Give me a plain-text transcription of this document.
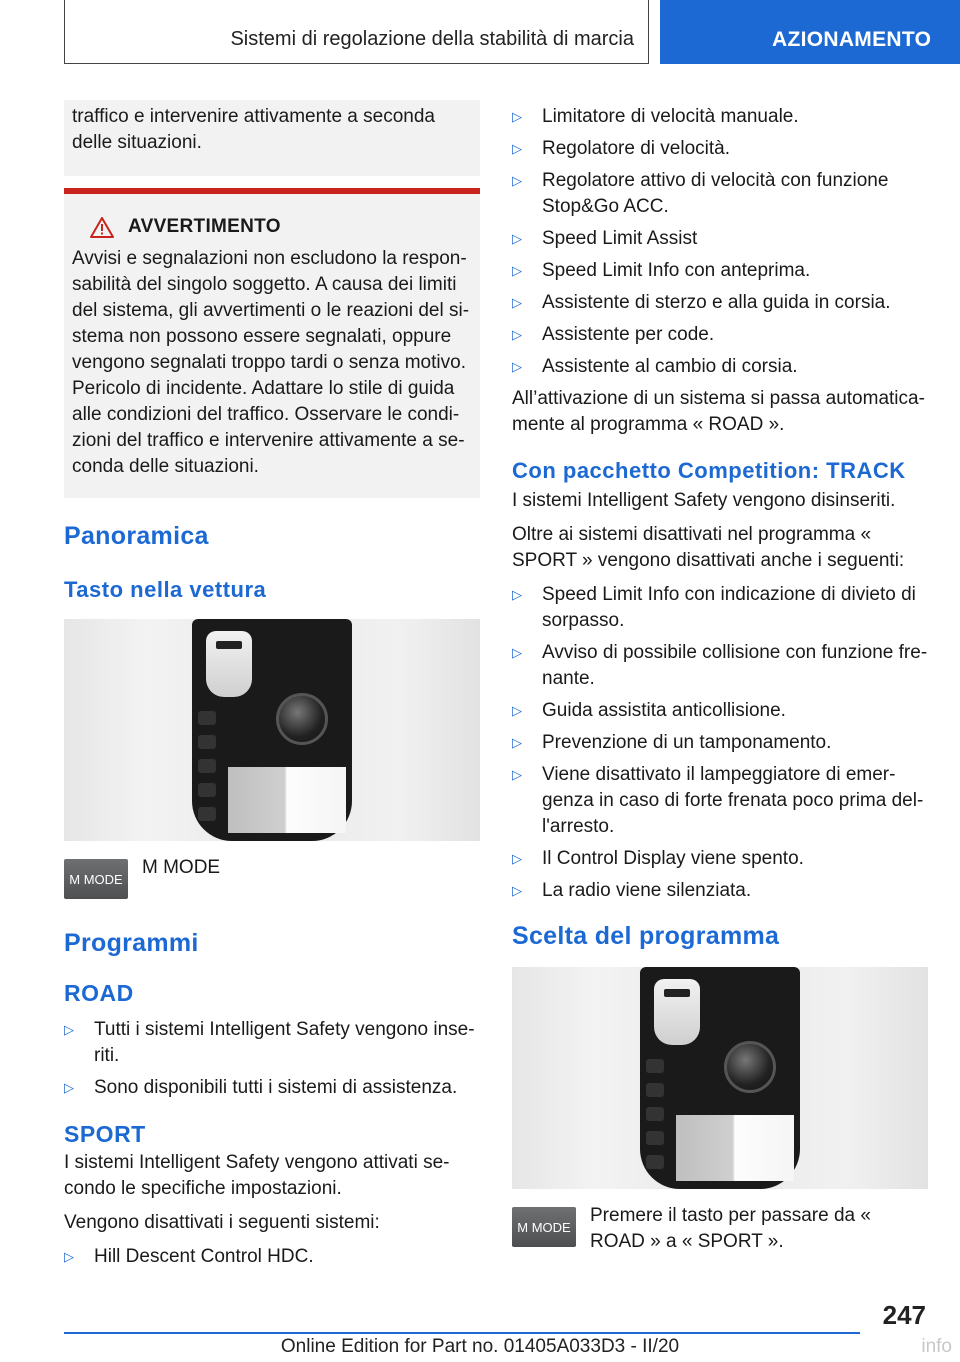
Sistemi di regolazione della stabilità di marcia	AZIONAMENTO

traffico e intervenire attivamente a seconda delle situazioni.

AVVERTIMENTO

Avvisi e segnalazioni non escludono la responsabilità del singolo soggetto. A causa dei limiti del sistema, gli avvertimenti o le reazioni del sistema non possono essere segnalati, oppure vengono segnalati troppo tardi o senza motivo. Pericolo di incidente. Adattare lo stile di guida alle condizioni del traffico. Osservare le condizioni del traffico e intervenire attivamente a seconda delle situazioni.

Panoramica
Tasto nella vettura
M MODE

M MODE

Programmi
ROAD
▷	Tutti i sistemi Intelligent Safety vengono inseriti.
▷	Sono disponibili tutti i sistemi di assistenza.
SPORT

I sistemi Intelligent Safety vengono attivati secondo le specifiche impostazioni.

Vengono disattivati i seguenti sistemi:

▷	Hill Descent Control HDC.
▷	Limitatore di velocità manuale.
▷	Regolatore di velocità.
▷	Regolatore attivo di velocità con funzione Stop&Go ACC.
▷	Speed Limit Assist
▷	Speed Limit Info con anteprima.
▷	Assistente di sterzo e alla guida in corsia.
▷	Assistente per code.
▷	Assistente al cambio di corsia.

All’attivazione di un sistema si passa automaticamente al programma « ROAD ».

Con pacchetto Competition: TRACK

I sistemi Intelligent Safety vengono disinseriti.

Oltre ai sistemi disattivati nel programma « SPORT » vengono disattivati anche i seguenti:

▷	Speed Limit Info con indicazione di divieto di sorpasso.
▷	Avviso di possibile collisione con funzione frenante.
▷	Guida assistita anticollisione.
▷	Prevenzione di un tamponamento.
▷	Viene disattivato il lampeggiatore di emergenza in caso di forte frenata poco prima dell'arresto.
▷	Il Control Display viene spento.
▷	La radio viene silenziata.
Scelta del programma
M MODE

Premere il tasto per passare da « ROAD » a « SPORT ».

247
Online Edition for Part no. 01405A033D3 - II/20	info
